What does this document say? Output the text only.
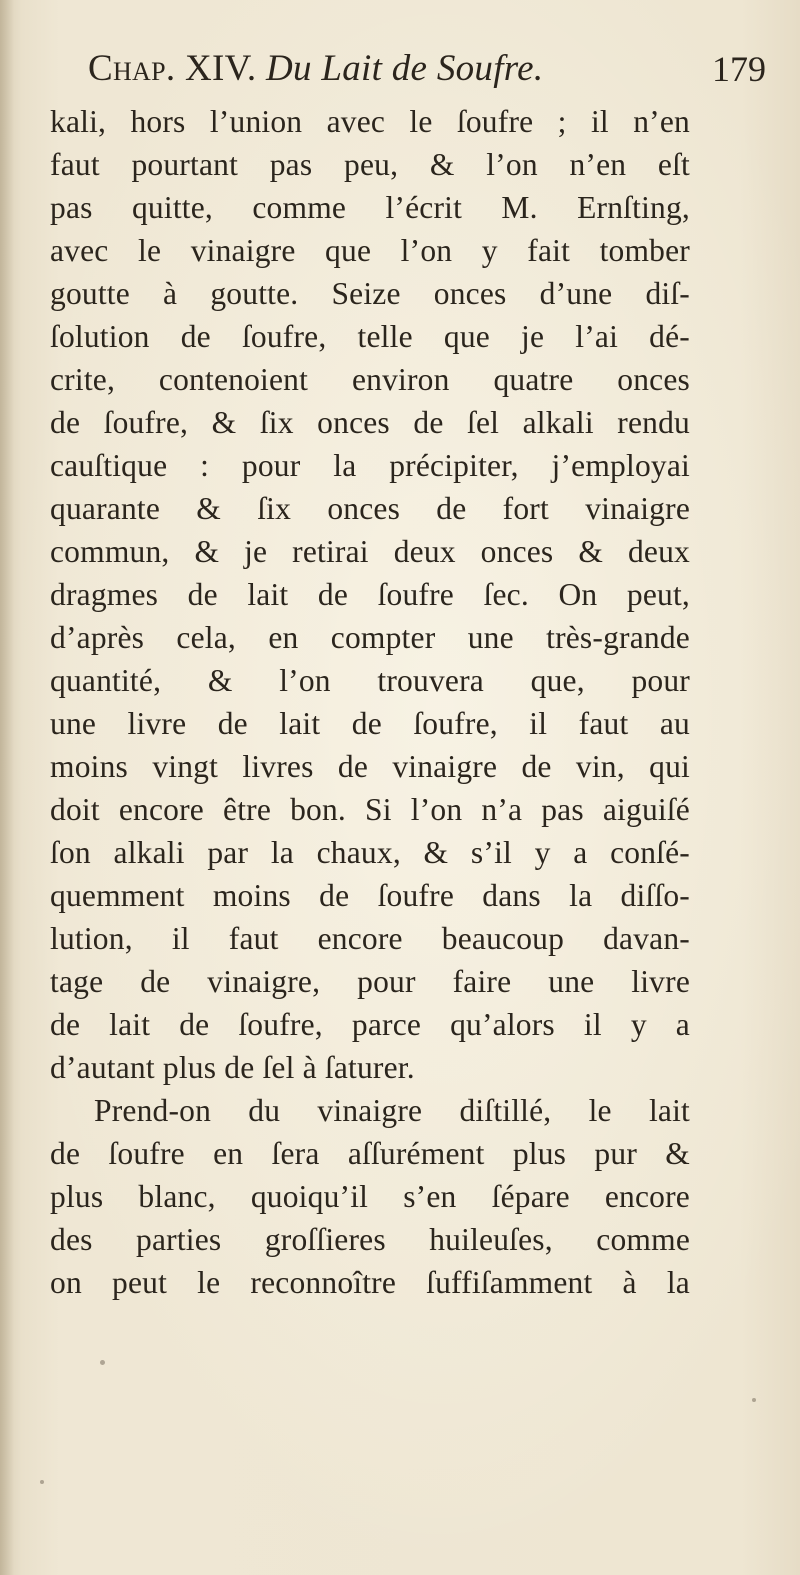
Chap. XIV. Du Lait de Soufre.	179
kali, hors l’union avec le ſoufre ; il n’en
faut pourtant pas peu, & l’on n’en eſt
pas quitte, comme l’écrit M. Ernſting,
avec le vinaigre que l’on y fait tomber
goutte à goutte. Seize onces d’une diſ-
ſolution de ſoufre, telle que je l’ai dé-
crite, contenoient environ quatre onces
de ſoufre, & ſix onces de ſel alkali rendu
cauſtique : pour la précipiter, j’employai
quarante & ſix onces de fort vinaigre
commun, & je retirai deux onces & deux
dragmes de lait de ſoufre ſec. On peut,
d’après cela, en compter une très-grande
quantité, & l’on trouvera que, pour
une livre de lait de ſoufre, il faut au
moins vingt livres de vinaigre de vin, qui
doit encore être bon. Si l’on n’a pas aiguiſé
ſon alkali par la chaux, & s’il y a conſé-
quemment moins de ſoufre dans la diſſo-
lution, il faut encore beaucoup davan-
tage de vinaigre, pour faire une livre
de lait de ſoufre, parce qu’alors il y a
d’autant plus de ſel à ſaturer.
Prend-on du vinaigre diſtillé, le lait
de ſoufre en ſera aſſurément plus pur &
plus blanc, quoiqu’il s’en ſépare encore
des parties groſſieres huileuſes, comme
on peut le reconnoître ſuffiſamment à la
